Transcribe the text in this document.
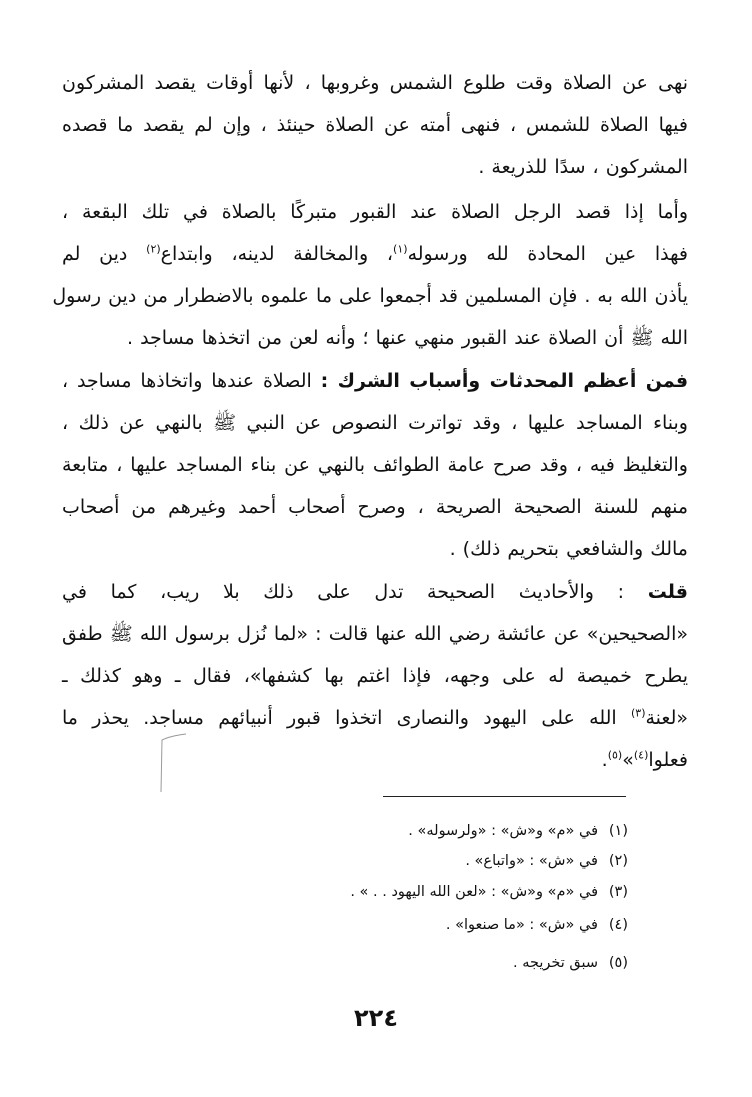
نهى عن الصلاة وقت طلوع الشمس وغروبها ، لأنها أوقات يقصد المشركون
فيها الصلاة للشمس ، فنهى أمته عن الصلاة حينئذ ، وإن لم يقصد ما قصده
المشركون ، سدًا للذريعة .
وأما إذا قصد الرجل الصلاة عند القبور متبركًا بالصلاة في تلك البقعة ،
فهذا عين المحادة لله ورسوله$^{(١)}$، والمخالفة لدينه، وابتداع$^{(٢)}$ دين لم
يأذن الله به . فإن المسلمين قد أجمعوا على ما علموه بالاضطرار من دين رسول
الله ﷺ أن الصلاة عند القبور منهي عنها ؛ وأنه لعن من اتخذها مساجد .
فمن أعظم المحدثات وأسباب الشرك : الصلاة عندها واتخاذها مساجد ،
وبناء المساجد عليها ، وقد تواترت النصوص عن النبي ﷺ بالنهي عن ذلك ،
والتغليظ فيه ، وقد صرح عامة الطوائف بالنهي عن بناء المساجد عليها ، متابعة
منهم للسنة الصحيحة الصريحة ، وصرح أصحاب أحمد وغيرهم من أصحاب
مالك والشافعي بتحريم ذلك) .
قلت : والأحاديث الصحيحة تدل على ذلك بلا ريب، كما في
«الصحيحين» عن عائشة رضي الله عنها قالت : «لما نُزل برسول الله ﷺ طفق
يطرح خميصة له على وجهه، فإذا اغتم بها كشفها»، فقال ـ وهو كذلك ـ
«لعنة$^{(٣)}$ الله على اليهود والنصارى اتخذوا قبور أنبيائهم مساجد. يحذر ما
فعلوا$^{(٤)}$»$^{(٥)}$.
(١)في «م» و«ش» : «ولرسوله» .
(٢)في «ش» : «واتباع» .
(٣)في «م» و«ش» : «لعن الله اليهود . . » .
(٤)في «ش» : «ما صنعوا» .
(٥)سبق تخريجه .
٢٢٤
